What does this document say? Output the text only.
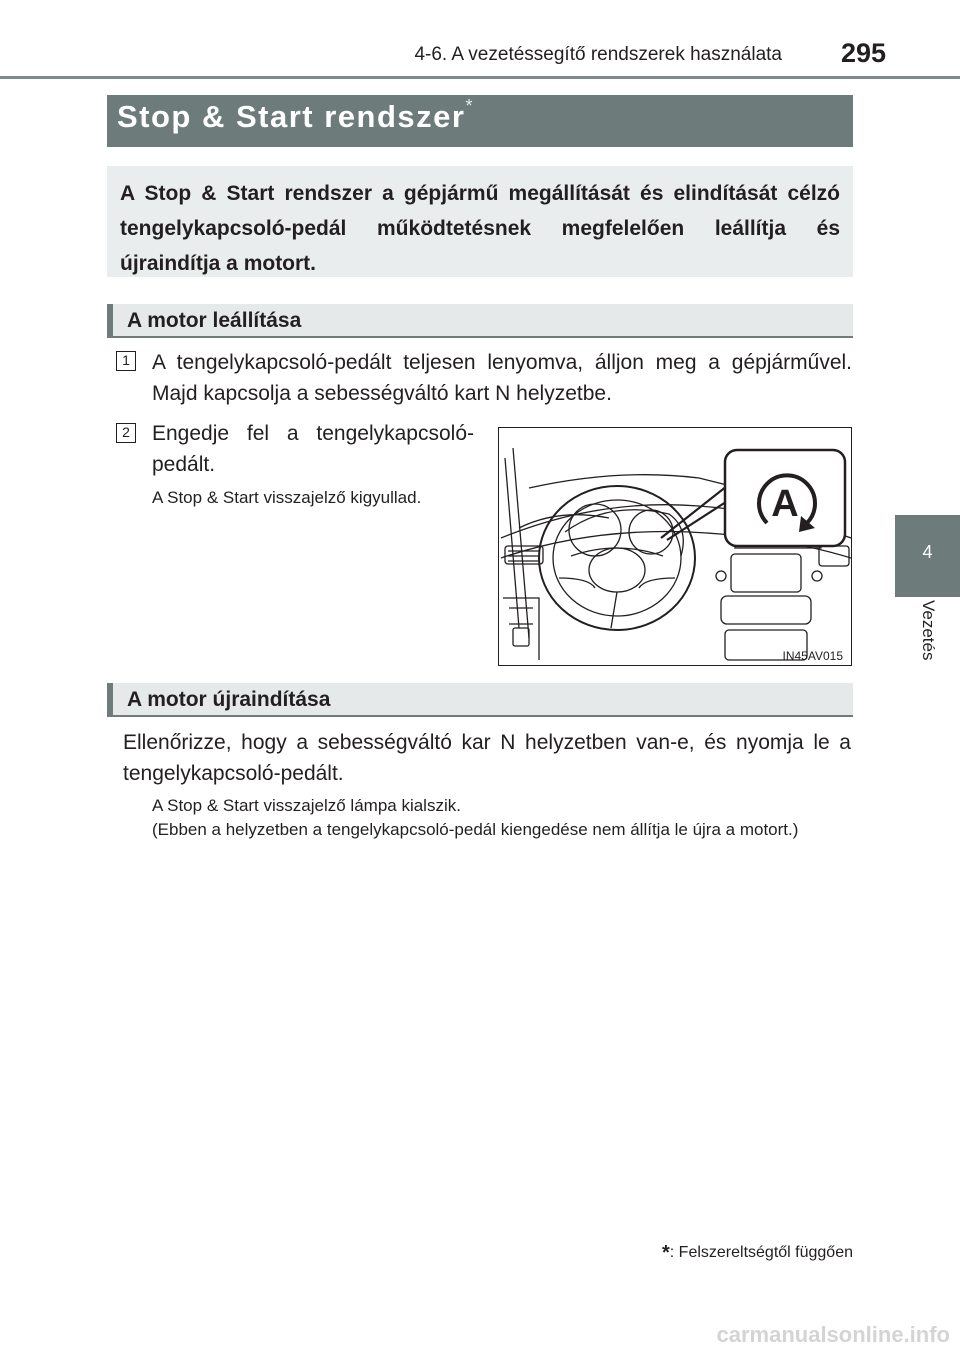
4-6. A vezetéssegítő rendszerek használata	295
4
Vezetés
Stop & Start rendszer*
A Stop & Start rendszer a gépjármű megállítását és elindítását célzó tengelykapcsoló-pedál működtetésnek megfelelően leállítja és újraindítja a motort.
A motor leállítása
1 A tengelykapcsoló-pedált teljesen lenyomva, álljon meg a gépjárművel. Majd kapcsolja a sebességváltó kart N helyzetbe.
2 Engedje fel a tengelykapcsoló-pedált.
A Stop & Start visszajelző kigyullad.	A
IN45AV015
A motor újraindítása
Ellenőrizze, hogy a sebességváltó kar N helyzetben van-e, és nyomja le a tengelykapcsoló-pedált.
A Stop & Start visszajelző lámpa kialszik.
(Ebben a helyzetben a tengelykapcsoló-pedál kiengedése nem állítja le újra a motort.)
*: Felszereltségtől függően
carmanualsonline.info
